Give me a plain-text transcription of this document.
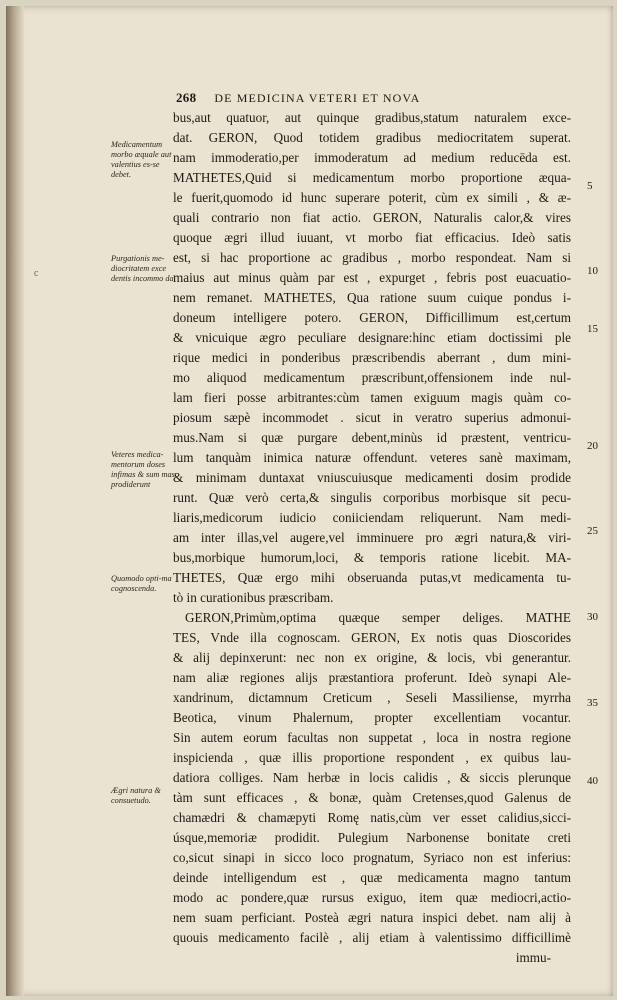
c
268 DE MEDICINA VETERI ET NOVA
bus,aut quatuor, aut quinque gradibus,statum naturalem exce-
dat. GERON, Quod totidem gradibus mediocritatem superat.
nam immoderatio,per immoderatum ad medium reducēda est.
MATHETES,Quid si medicamentum morbo proportione æqua-
le fuerit,quomodo id hunc superare poterit, cùm ex simili , & æ-
quali contrario non fiat actio. GERON, Naturalis calor,& vires
quoque ægri illud iuuant, vt morbo fiat efficacius. Ideò satis
est, si hac proportione ac gradibus , morbo respondeat. Nam si
maius aut minus quàm par est , expurget , febris post euacuatio-
nem remanet. MATHETES, Qua ratione suum cuique pondus i-
doneum intelligere potero. GERON, Difficillimum est,certum
& vnicuique ægro peculiare designare:hinc etiam doctissimi ple
rique medici in ponderibus præscribendis aberrant , dum mini-
mo aliquod medicamentum præscribunt,offensionem inde nul-
lam fieri posse arbitrantes:cùm tamen exiguum magis quàm co-
piosum sæpè incommodet . sicut in veratro superius admonui-
mus.Nam si quæ purgare debent,minùs id præstent, ventricu-
lum tanquàm inimica naturæ offendunt. veteres sanè maximam,
& minimam duntaxat vniuscuiusque medicamenti dosim prodide
runt. Quæ verò certa,& singulis corporibus morbisque sit pecu-
liaris,medicorum iudicio coniiciendam reliquerunt. Nam medi-
am inter illas,vel augere,vel imminuere pro ægri natura,& viri-
bus,morbique humorum,loci, & temporis ratione licebit. MA-
THETES, Quæ ergo mihi obseruanda putas,vt medicamenta tu-
tò in curationibus præscribam.
GERON,Primùm,optima quæque semper deliges. MATHE
TES, Vnde illa cognoscam. GERON, Ex notis quas Dioscorides
& alij depinxerunt: nec non ex origine, & locis, vbi generantur.
nam aliæ regiones alijs præstantiora proferunt. Ideò synapi Ale-
xandrinum, dictamnum Creticum , Seseli Massiliense, myrrha
Beotica, vinum Phalernum, propter excellentiam vocantur.
Sin autem eorum facultas non suppetat , loca in nostra regione
inspicienda , quæ illis proportione respondent , ex quibus lau-
datiora colliges. Nam herbæ in locis calidis , & siccis plerunque
tàm sunt efficaces , & bonæ, quàm Cretenses,quod Galenus de
chamædri & chamæpyti Romę natis,cùm ver esset calidius,sicci-
úsque,memoriæ prodidit. Pulegium Narbonense bonitate creti
co,sicut sinapi in sicco loco prognatum, Syriaco non est inferius:
deinde intelligendum est , quæ medicamenta magno tantum
modo ac pondere,quæ rursus exiguo, item quæ mediocri,actio-
nem suam perficiant. Posteà ægri natura inspici debet. nam alij à
quouis medicamento facilè , alij etiam à valentissimo difficillimè
immu-
Medicamentum morbo æquale aut valentius es-se debet.
Purgationis me-diocritatem exce dentis incommo da.
Veteres medica-mentorum doses infimas & sum mas prodiderunt
Quomodo opti-ma cognoscenda.
Ægri natura & consuetudo.
5
10
15
20
25
30
35
40
